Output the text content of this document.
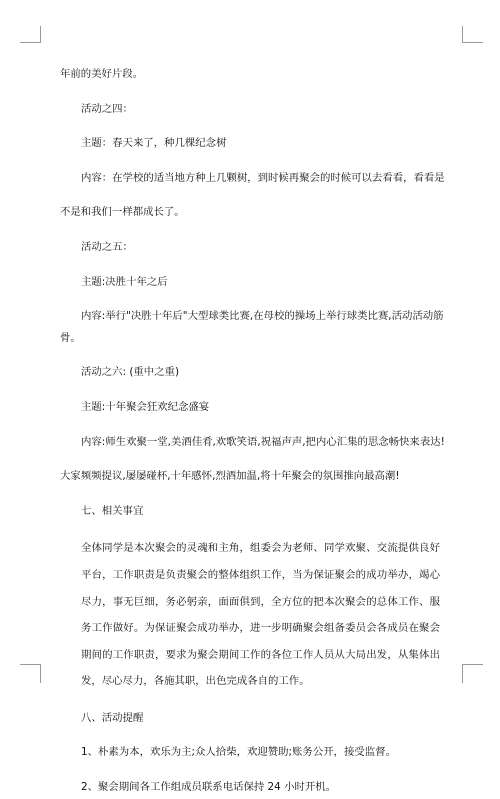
年前的美好片段。

活动之四：

主题：春天来了，种几棵纪念树

内容：在学校的适当地方种上几颗树，到时候再聚会的时候可以去看看，看看是

不是和我们一样都成长了。

活动之五：

主题:决胜十年之后

内容:举行"决胜十年后"大型球类比赛,在母校的操场上举行球类比赛,活动活动筋

骨。

活动之六: (重中之重)

主题:十年聚会狂欢纪念盛宴

内容:师生欢聚一堂,美酒佳肴,欢歌笑语,祝福声声,把内心汇集的思念畅快来表达!

大家频频提议,屡屡碰杯,十年感怀,烈酒加温,将十年聚会的氛围推向最高潮!

七、相关事宜

全体同学是本次聚会的灵魂和主角，组委会为老师、同学欢聚、交流提供良好平台，工作职责是负责聚会的整体组织工作，当为保证聚会的成功举办，竭心尽力，事无巨细，务必躬亲，面面俱到，全方位的把本次聚会的总体工作、服务工作做好。为保证聚会成功举办，进一步明确聚会组备委员会各成员在聚会期间的工作职责，要求为聚会期间工作的各位工作人员从大局出发，从集体出发，尽心尽力，各施其职，出色完成各自的工作。

八、活动提醒

1、朴素为本，欢乐为主;众人拾柴，欢迎赞助;账务公开，接受监督。

2、聚会期间各工作组成员联系电话保持 24 小时开机。
